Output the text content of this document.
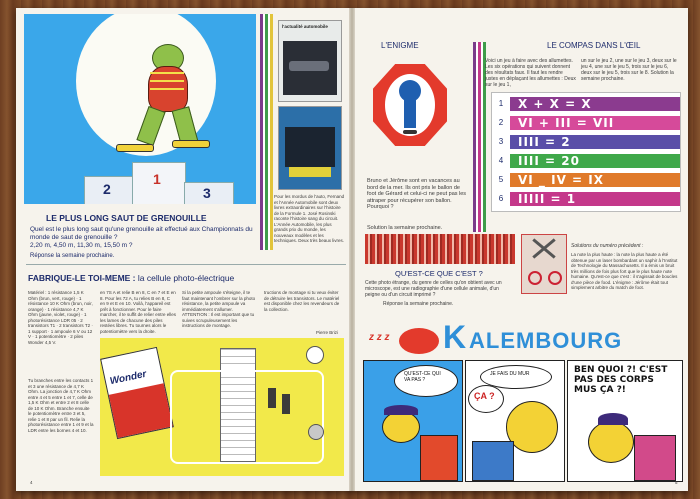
2
1
3
l'actualité automobile
Pour les mordus de l'auto, Fernand et l'Année Automobile sont deux livres extraordinaires sur l'histoire de la Formule 1. José Rosinski raconte l'histoire sang du circuit. L'Année Automobile, les plus grands prix du monde, les nouveaux modèles et les techniques. Deux très beaux livres.
LE PLUS LONG SAUT DE GRENOUILLE
Quel est le plus long saut qu'une grenouille ait effectué aux Championnats du monde de saut de grenouille ?
2,20 m, 4,50 m, 11,30 m, 15,50 m ?
Réponse la semaine prochaine.
FABRIQUE-LE TOI-MEME : la cellule photo-électrique
Matériel : 1 résistance 1,5 K Ohm (brun, vert, rouge) · 1 résistance 10 K Ohm (brun, noir, orange) · 1 résistance 4,7 K Ohm (jaune, violet, rouge) · 1 photorésistance LDR 05 · 2 transistors T1 · 2 transistors T2 · 1 support · 1 ampoule 6 V ou 12 V · 1 potentiomètre · 2 piles Wonder 4,5 V.
Tu branches entre les contacts 1 et 3 une résistance de 4,7 K Ohm. La jonction de 4,7 K Ohm entre 4 et 5 entre 1 et 7, celle de 1,5 K Ohm et entre 2 et 8 celle de 10 K Ohm. Branche ensuite le potentiomètre entre 3 et 5, relie 1 et 8 par un fil. Relie la photorésistance entre 1 et 9 et la LDR entre les bornes 4 et 10.
en 7S A et relie B en 8, C en 7 et E en 8. Pour les 72 A, tu relies B en 8, C en 9 et E en 10. Voilà, l'appareil est prêt à fonctionner. Pour le faire marcher, il te suffit de relier entre elles les lames de chacune des piles restées libres. Tu tournes alors le potentiomètre vers la droite.
Si la petite ampoule s'éteigne, il te faut maintenant l'ombrer sur la photo résistance, la petite ampoule va immédiatement s'allumer. ATTENTION : Il est important que tu suives scrupuleusement les instructions de montage.
tructions de montage si tu veux éviter de détruire les transistors. Le matériel est disponible chez les revendeurs de la collection.
Pierre Brizi
Wonder
4
L'ENIGME
Bruno et Jérôme sont en vacances au bord de la mer. Ils ont pris le ballon de foot de Gérard et celui-ci ne peut pas les attraper pour récupérer son ballon. Pourquoi ?
Solution la semaine prochaine.
LE COMPAS DANS L'ŒIL
Voici un jeu à faire avec des allumettes. Les six opérations qui suivent donnent des résultats faux. Il faut les rendre justes en déplaçant les allumettes : Deux sur le jeu 1,
un sur le jeu 2, une sur le jeu 3, deux sur le jeu 4, une sur le jeu 5, trois sur le jeu 6, deux sur le jeu 5, trois sur le 8. Solution la semaine prochaine.
1	X + X = X
2	VI + III = VII
3	IIII = 2
4	IIII = 20
5	VI _ IV = IX
6	IIIII = 1
QU'EST-CE QUE C'EST ?
Cette photo étrange, du genre de celles qu'on obtient avec un microscope, est une radiographie d'une cellule animale, d'un peigne ou d'un circuit imprimé ?
Réponse la semaine prochaine.
Solutions du numéro précédent :
La note la plus haute : la note la plus haute a été obtenue par un laser bombardant un saphir à l'Institut de Technologie du Massachusetts. Il a émis un bruit très millions de fois plus fort que le plus haute note humaine. Qu'est-ce que c'est : il s'agissait de boucles d'une pièce de food. L'énigme : Jérôme était tout simplement arbitre du match de foot.
z z z K ALEMBOURG
QU'EST-CE QUI VA PAS ?
JE FAIS DU MUR
ÇA ?
BEN QUOI ?! C'EST PAS DES CORPS MUS ÇA ?!
5
